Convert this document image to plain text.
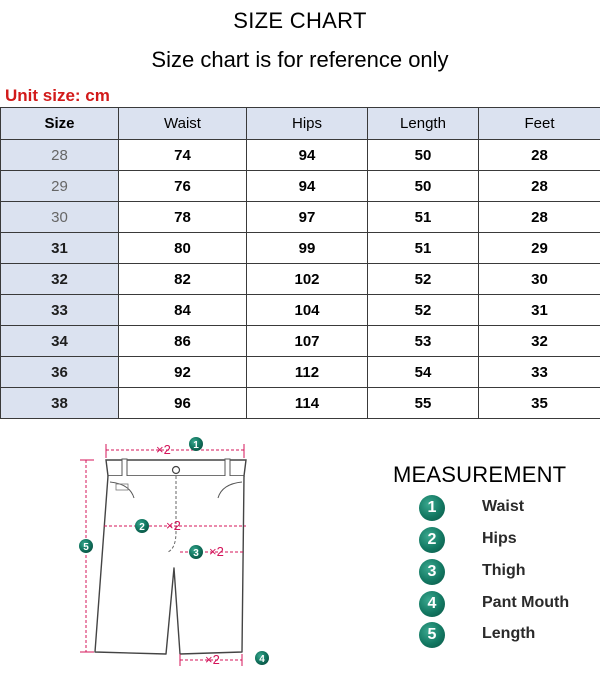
SIZE CHART
Size chart is for reference only
Unit size: cm
Size	Waist	Hips	Length	Feet
28	74	94	50	28
29	76	94	50	28
30	78	97	51	28
31	80	99	51	29
32	82	102	52	30
33	84	104	52	31
34	86	107	53	32
36	92	112	54	33
38	96	114	55	35
×2 1
2 ×2
3 ×2
5
×2	4
MEASUREMENT
1	Waist
2	Hips
3	Thigh
4	Pant Mouth
5	Length
